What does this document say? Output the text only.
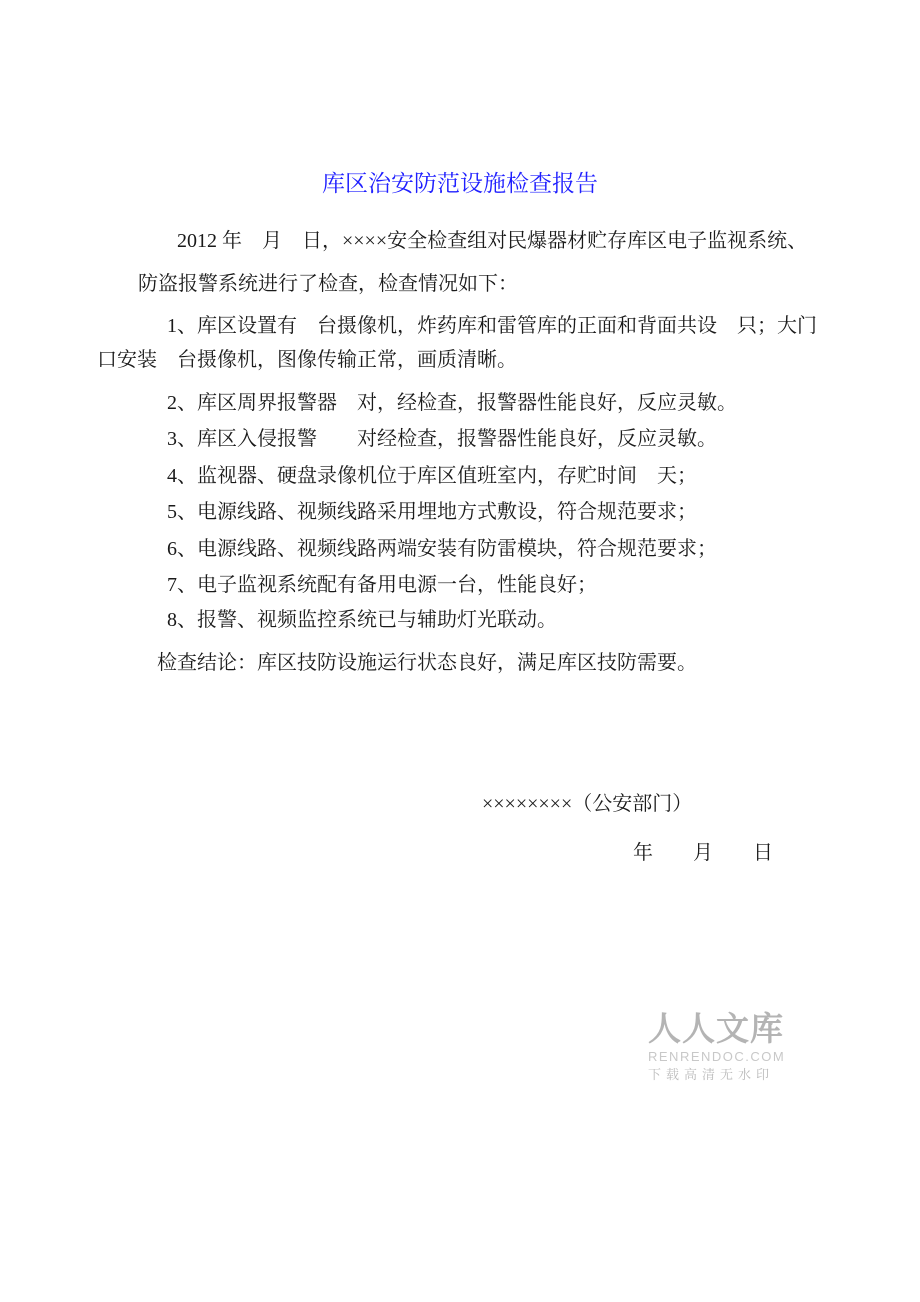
库区治安防范设施检查报告

2012 年　月　日，××××安全检查组对民爆器材贮存库区电子监视系统、

防盗报警系统进行了检查，检查情况如下：

1、库区设置有　台摄像机，炸药库和雷管库的正面和背面共设　只；大门

口安装　台摄像机，图像传输正常，画质清晰。

2、库区周界报警器　对，经检查，报警器性能良好，反应灵敏。

3、库区入侵报警　　对经检查，报警器性能良好，反应灵敏。

4、监视器、硬盘录像机位于库区值班室内，存贮时间　天；

5、电源线路、视频线路采用埋地方式敷设，符合规范要求；

6、电源线路、视频线路两端安装有防雷模块，符合规范要求；

7、电子监视系统配有备用电源一台，性能良好；

8、报警、视频监控系统已与辅助灯光联动。

检查结论：库区技防设施运行状态良好，满足库区技防需要。

××××××××（公安部门）

年　　月　　日

人人文库
RENRENDOC.COM
下载高清无水印
